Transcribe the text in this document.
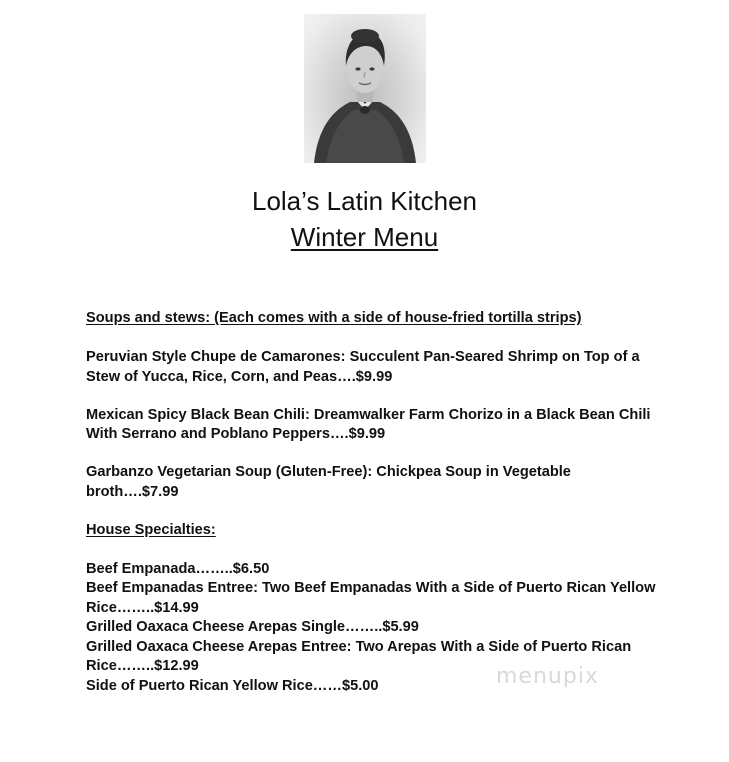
Lola’s Latin Kitchen
Winter Menu
Soups and stews: (Each comes with a side of house-fried tortilla strips)
Peruvian Style Chupe de Camarones: Succulent Pan-Seared Shrimp on Top of a Stew of Yucca, Rice, Corn, and Peas….$9.99
Mexican Spicy Black Bean Chili: Dreamwalker Farm Chorizo in a Black Bean Chili With Serrano and Poblano Peppers….$9.99
Garbanzo Vegetarian Soup (Gluten-Free): Chickpea Soup in Vegetable broth….$7.99
House Specialties:
Beef Empanada……..$6.50
Beef Empanadas Entree: Two Beef Empanadas With a Side of Puerto Rican Yellow Rice……..$14.99
Grilled Oaxaca Cheese Arepas Single……..$5.99
Grilled Oaxaca Cheese Arepas Entree: Two Arepas With a Side of Puerto Rican Rice……..$12.99
Side of Puerto Rican Yellow Rice……$5.00	menupix
